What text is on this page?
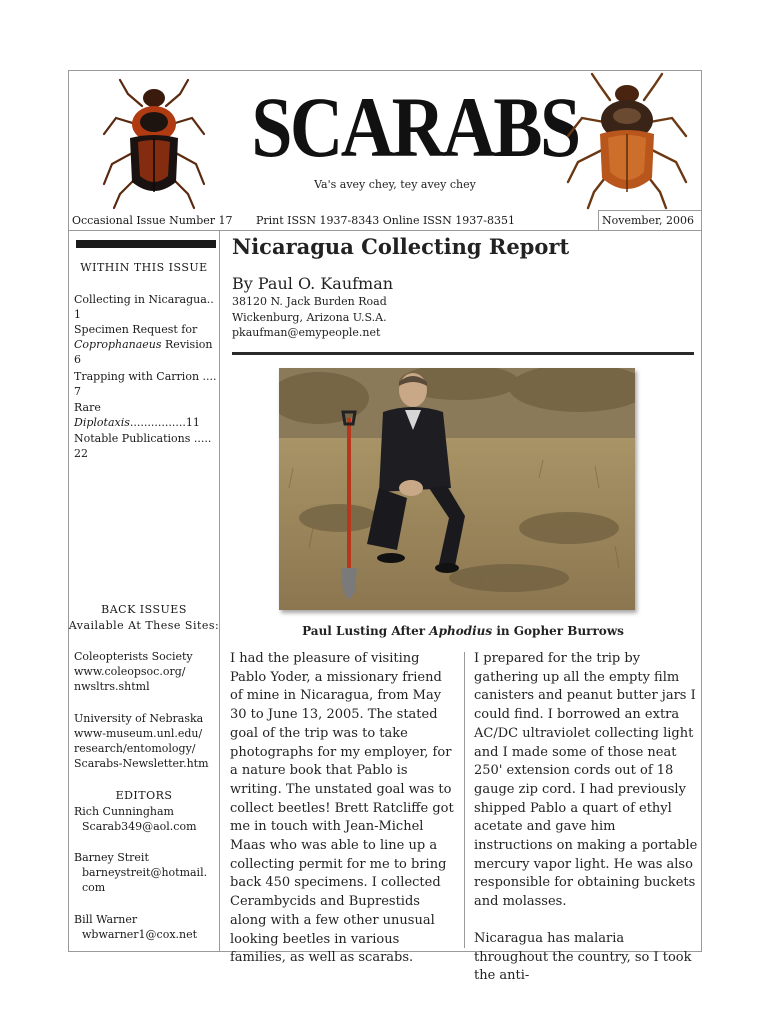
SCARABS
Va's avey chey, tey avey chey
Occasional Issue Number 17 Print ISSN 1937-8343 Online ISSN 1937-8351	November, 2006
WITHIN THIS ISSUE
Collecting in Nicaragua.. 1
Specimen Request for
Coprophanaeus Revision 6
Trapping with Carrion .... 7
Rare Diplotaxis................11
Notable Publications ..... 22
BACK ISSUES
Available At These Sites:
Coleopterists Society
www.coleopsoc.org/
nwsltrs.shtml
University of Nebraska
www-museum.unl.edu/
research/entomology/
Scarabs-Newsletter.htm
EDITORS
Rich Cunningham
Scarab349@aol.com
Barney Streit
barneystreit@hotmail.
com
Bill Warner
wbwarner1@cox.net
Nicaragua Collecting Report
By Paul O. Kaufman
38120 N. Jack Burden Road
Wickenburg, Arizona U.S.A.
pkaufman@emypeople.net
Paul Lusting After Aphodius in Gopher Burrows

I had the pleasure of visiting Pablo Yoder, a missionary friend of mine in Nicaragua, from May 30 to June 13, 2005. The stated goal of the trip was to take photographs for my employer, for a nature book that Pablo is writing. The unstated goal was to collect beetles! Brett Ratcliffe got me in touch with Jean-Michel Maas who was able to line up a collecting permit for me to bring back 450 specimens. I collected Cerambycids and Buprestids along with a few other unusual looking beetles in various families, as well as scarabs.

I prepared for the trip by gathering up all the empty film canisters and peanut butter jars I could find. I borrowed an extra AC/DC ultraviolet collecting light and I made some of those neat 250' extension cords out of 18 gauge zip cord. I had previously shipped Pablo a quart of ethyl acetate and gave him instructions on making a portable mercury vapor light. He was also responsible for obtaining buckets and molasses.

Nicaragua has malaria throughout the country, so I took the anti-
